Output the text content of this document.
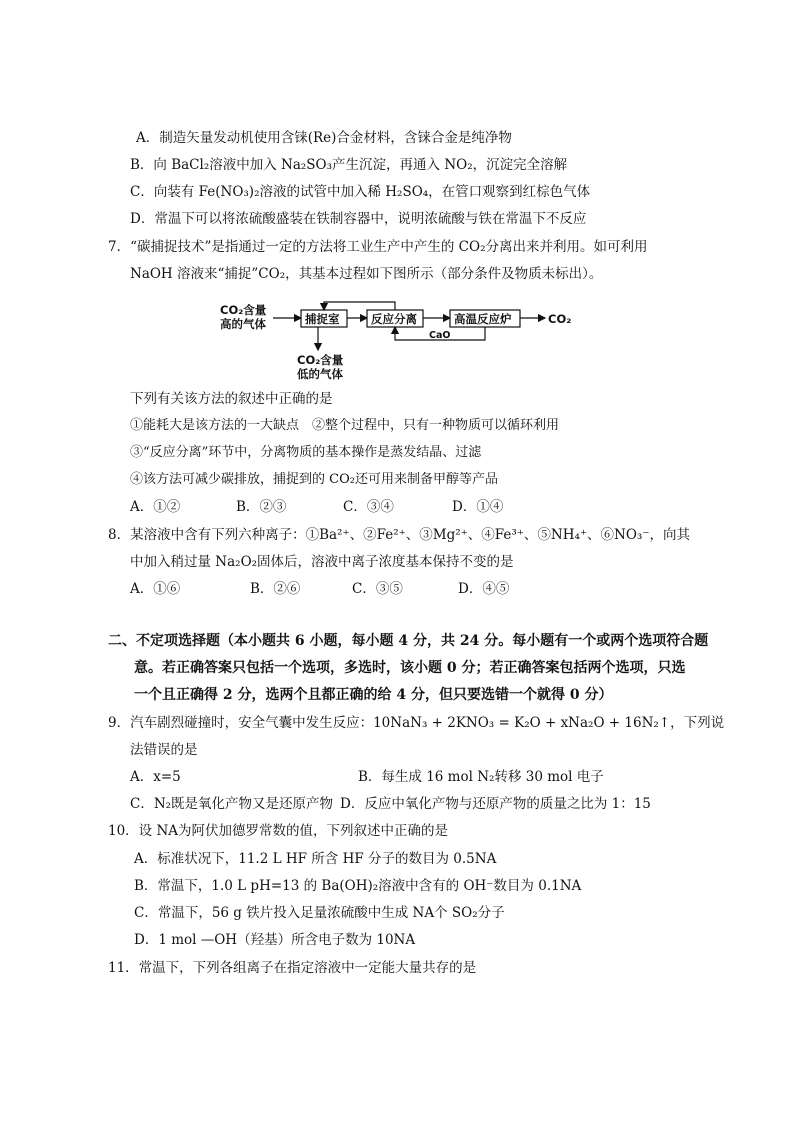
A．制造矢量发动机使用含铼(Re)合金材料，含铼合金是纯净物
B．向 BaCl₂溶液中加入 Na₂SO₃产生沉淀，再通入 NO₂，沉淀完全溶解
C．向装有 Fe(NO₃)₂溶液的试管中加入稀 H₂SO₄，在管口观察到红棕色气体
D．常温下可以将浓硫酸盛装在铁制容器中，说明浓硫酸与铁在常温下不反应
7．“碳捕捉技术”是指通过一定的方法将工业生产中产生的 CO₂分离出来并利用。如可利用
NaOH 溶液来“捕捉”CO₂，其基本过程如下图所示（部分条件及物质未标出）。
CO₂含量
高的气体	捕捉室	反应分离	高温反应炉	CO₂
CaO
CO₂含量
低的气体
下列有关该方法的叙述中正确的是
①能耗大是该方法的一大缺点　②整个过程中，只有一种物质可以循环利用
③“反应分离”环节中，分离物质的基本操作是蒸发结晶、过滤
④该方法可减少碳排放，捕捉到的 CO₂还可用来制备甲醇等产品
A．①②	B．②③	C．③④	D．①④
8．某溶液中含有下列六种离子：①Ba²⁺、②Fe²⁺、③Mg²⁺、④Fe³⁺、⑤NH₄⁺、⑥NO₃⁻，向其
中加入稍过量 Na₂O₂固体后，溶液中离子浓度基本保持不变的是
A．①⑥	B．②⑥	C．③⑤	D．④⑤
二、不定项选择题（本小题共 6 小题，每小题 4 分，共 24 分。每小题有一个或两个选项符合题
意。若正确答案只包括一个选项，多选时，该小题 0 分；若正确答案包括两个选项，只选
一个且正确得 2 分，选两个且都正确的给 4 分，但只要选错一个就得 0 分）
9．汽车剧烈碰撞时，安全气囊中发生反应：10NaN₃ + 2KNO₃ = K₂O + xNa₂O + 16N₂↑，下列说
法错误的是
A．x=5	B．每生成 16 mol N₂转移 30 mol 电子
C．N₂既是氧化产物又是还原产物 D．反应中氧化产物与还原产物的质量之比为 1：15
10．设 NA为阿伏加德罗常数的值，下列叙述中正确的是
A．标准状况下，11.2 L HF 所含 HF 分子的数目为 0.5NA
B．常温下，1.0 L pH=13 的 Ba(OH)₂溶液中含有的 OH⁻数目为 0.1NA
C．常温下，56 g 铁片投入足量浓硫酸中生成 NA个 SO₂分子
D．1 mol —OH（羟基）所含电子数为 10NA
11．常温下，下列各组离子在指定溶液中一定能大量共存的是
